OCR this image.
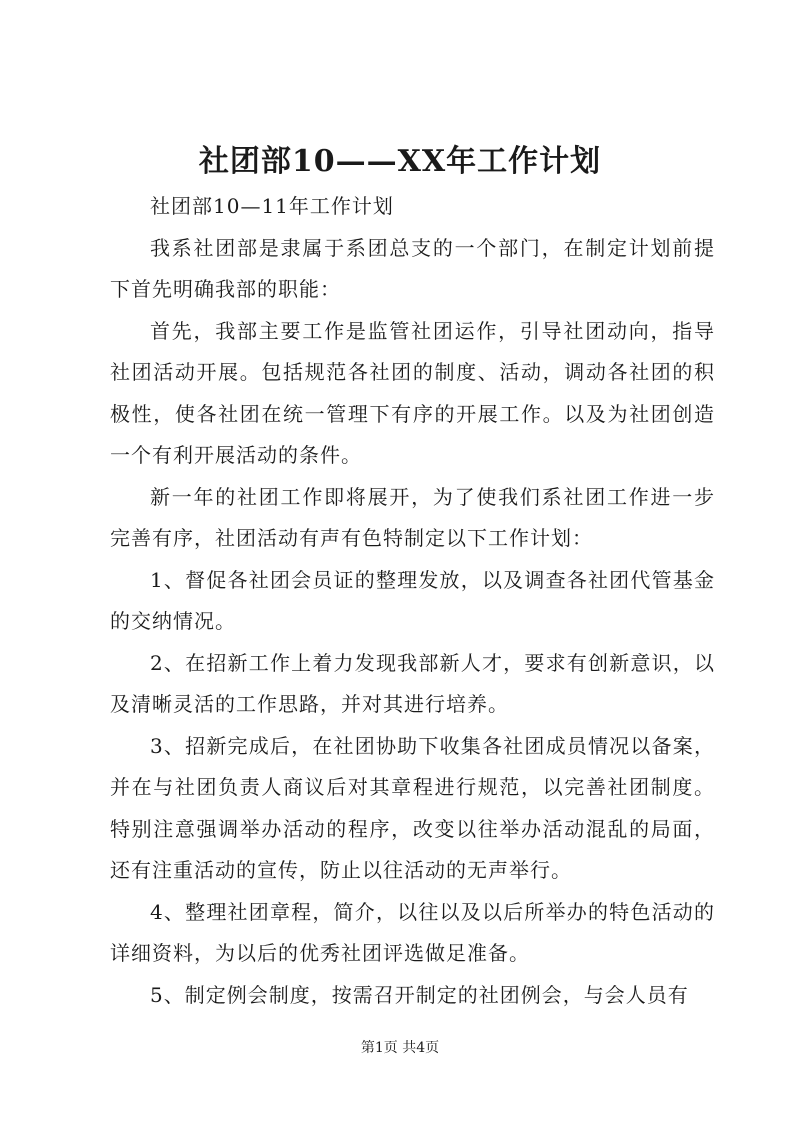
社团部10——XX年工作计划

社团部10—11年工作计划

我系社团部是隶属于系团总支的一个部门，在制定计划前提下首先明确我部的职能：

首先，我部主要工作是监管社团运作，引导社团动向，指导社团活动开展。包括规范各社团的制度、活动，调动各社团的积极性，使各社团在统一管理下有序的开展工作。以及为社团创造一个有利开展活动的条件。

新一年的社团工作即将展开，为了使我们系社团工作进一步完善有序，社团活动有声有色特制定以下工作计划：

1、督促各社团会员证的整理发放，以及调查各社团代管基金的交纳情况。

2、在招新工作上着力发现我部新人才，要求有创新意识，以及清晰灵活的工作思路，并对其进行培养。

3、招新完成后，在社团协助下收集各社团成员情况以备案，并在与社团负责人商议后对其章程进行规范，以完善社团制度。特别注意强调举办活动的程序，改变以往举办活动混乱的局面，还有注重活动的宣传，防止以往活动的无声举行。

4、整理社团章程，简介，以往以及以后所举办的特色活动的详细资料，为以后的优秀社团评选做足准备。

5、制定例会制度，按需召开制定的社团例会，与会人员有

第1页 共4页
